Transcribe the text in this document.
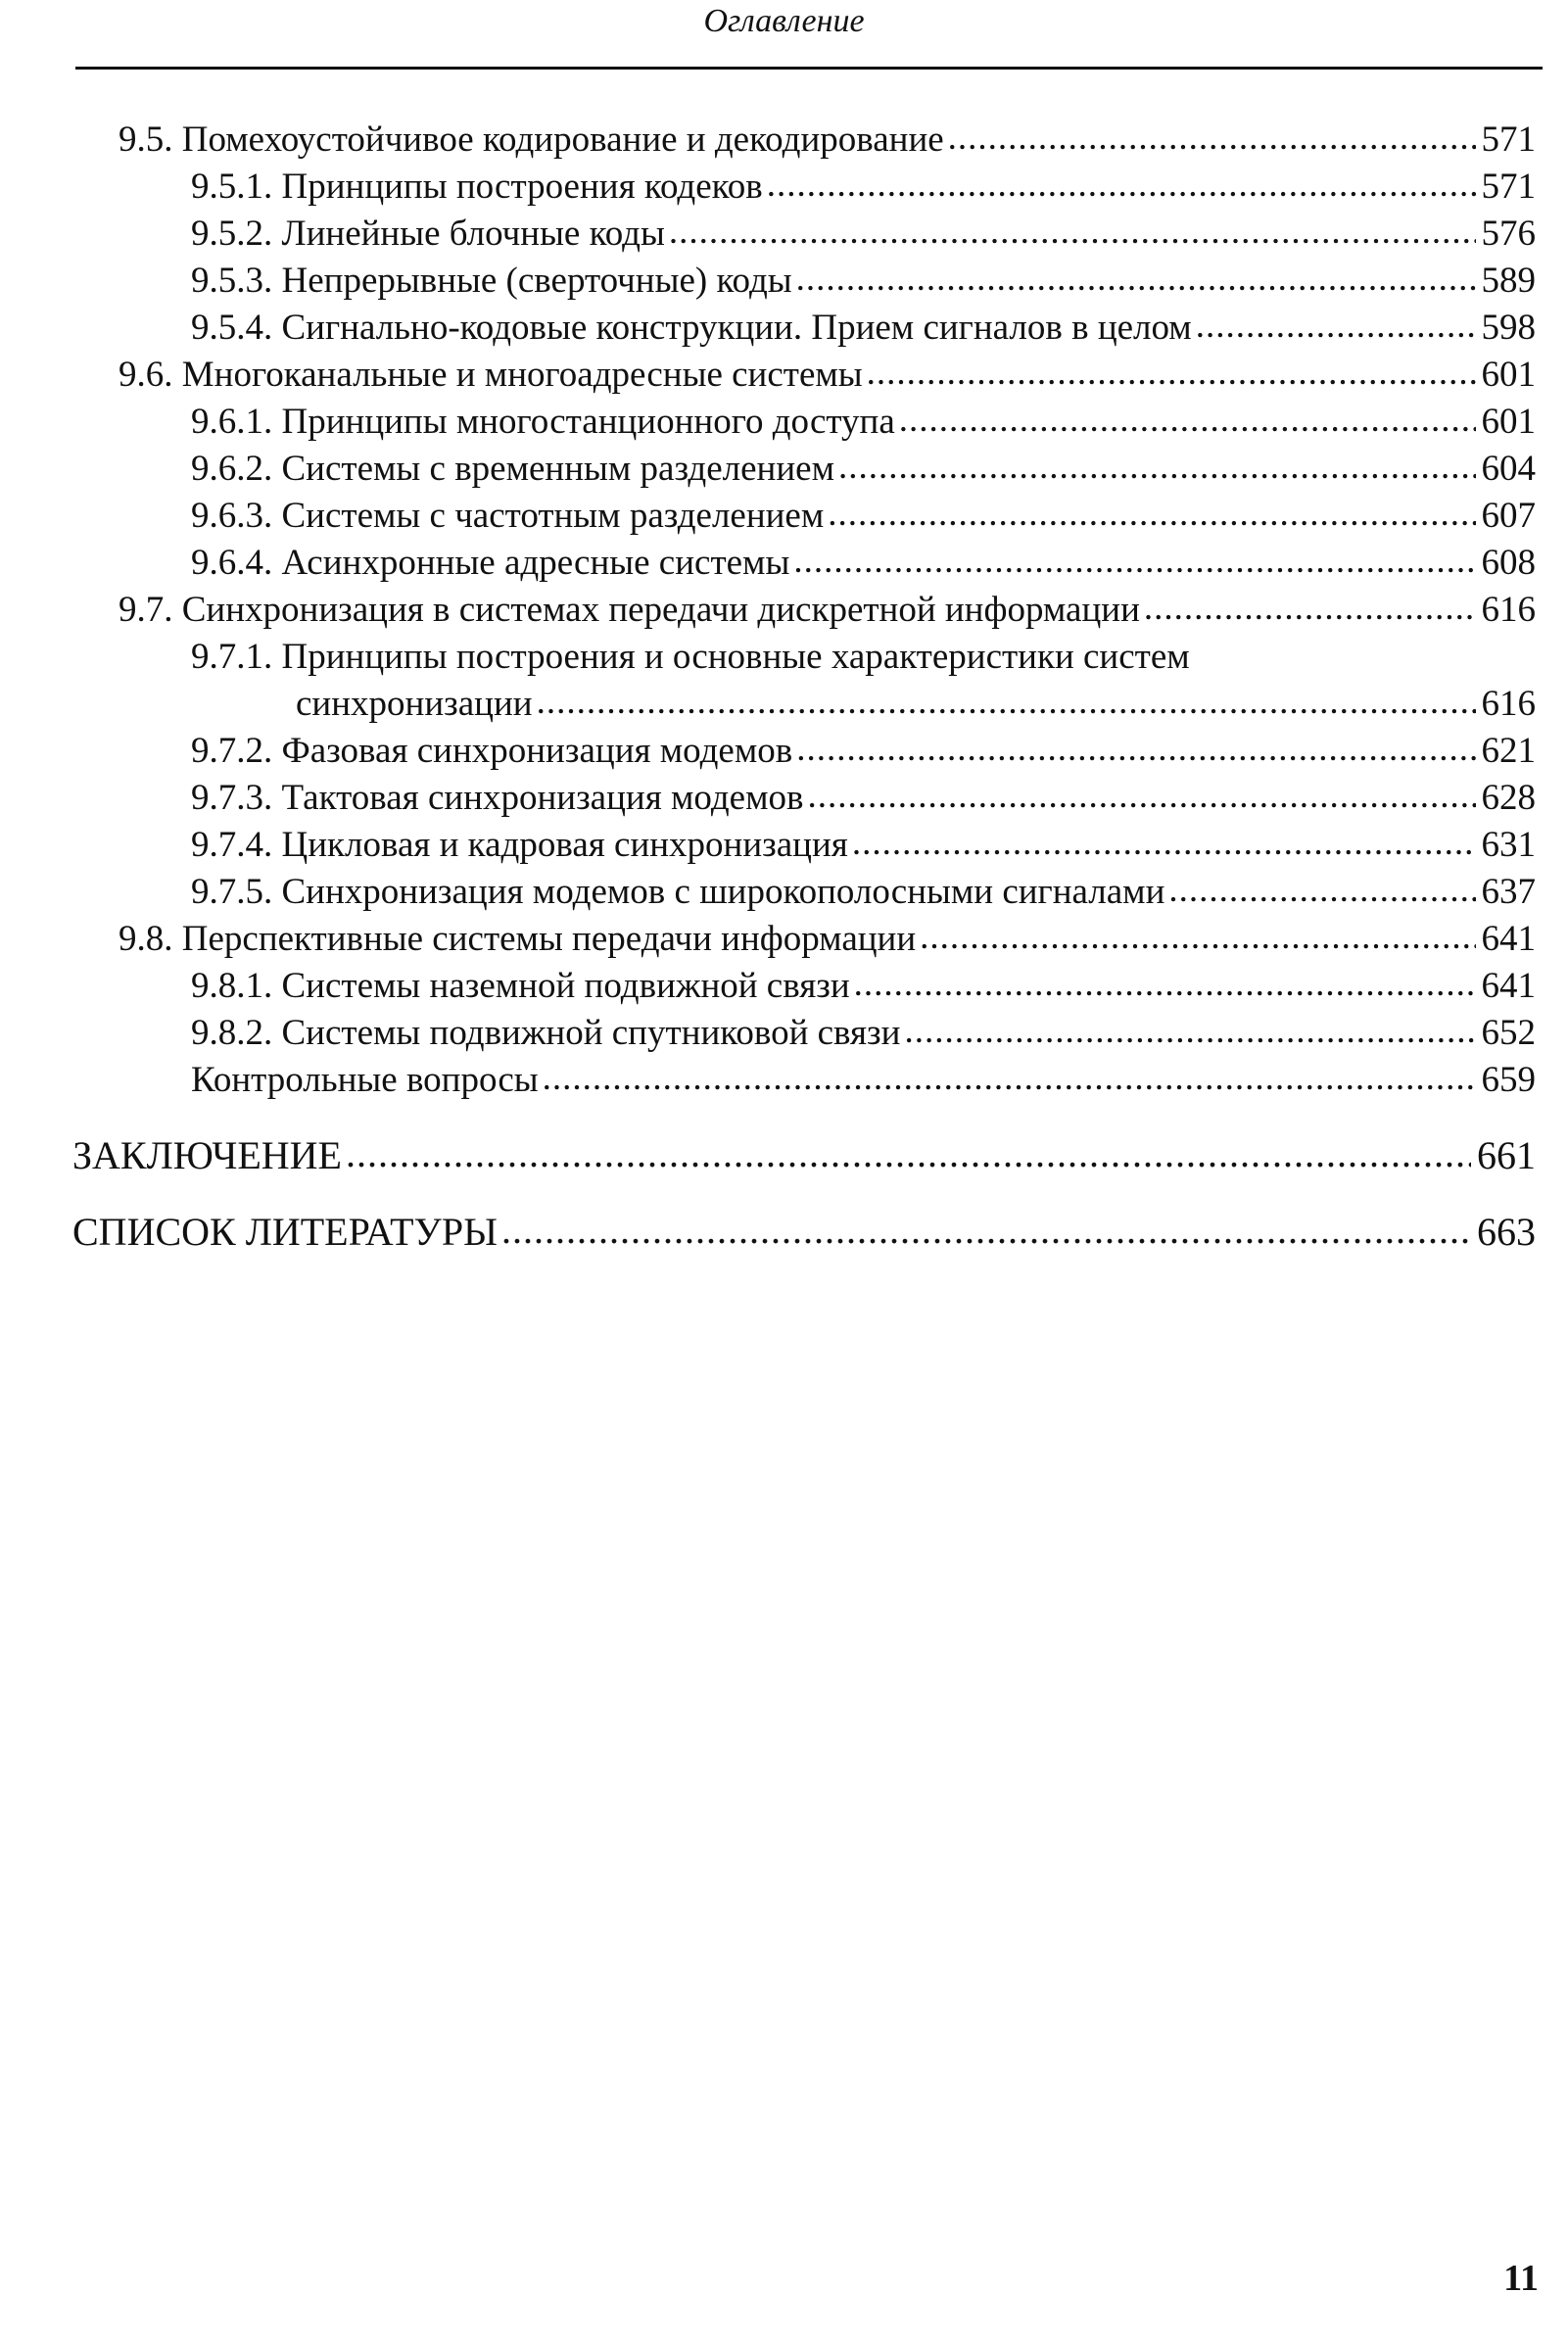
Оглавление
9.5. Помехоустойчивое кодирование и декодирование .....	571
9.5.1. Принципы построения кодеков .....	571
9.5.2. Линейные блочные коды .....	576
9.5.3. Непрерывные (сверточные) коды .....	589
9.5.4. Сигнально-кодовые конструкции. Прием сигналов в целом .....	598
9.6. Многоканальные и многоадресные системы .....	601
9.6.1. Принципы многостанционного доступа .....	601
9.6.2. Системы с временным разделением .....	604
9.6.3. Системы с частотным разделением .....	607
9.6.4. Асинхронные адресные системы .....	608
9.7. Синхронизация в системах передачи дискретной информации .....	616
9.7.1. Принципы построения и основные характеристики систем
синхронизации .....	616
9.7.2. Фазовая синхронизация модемов .....	621
9.7.3. Тактовая синхронизация модемов .....	628
9.7.4. Цикловая и кадровая синхронизация .....	631
9.7.5. Синхронизация модемов с широкополосными сигналами .....	637
9.8. Перспективные системы передачи информации .....	641
9.8.1. Системы наземной подвижной связи .....	641
9.8.2. Системы подвижной спутниковой связи .....	652
Контрольные вопросы .....	659
ЗАКЛЮЧЕНИЕ .....	661
СПИСОК ЛИТЕРАТУРЫ .....	663
11
